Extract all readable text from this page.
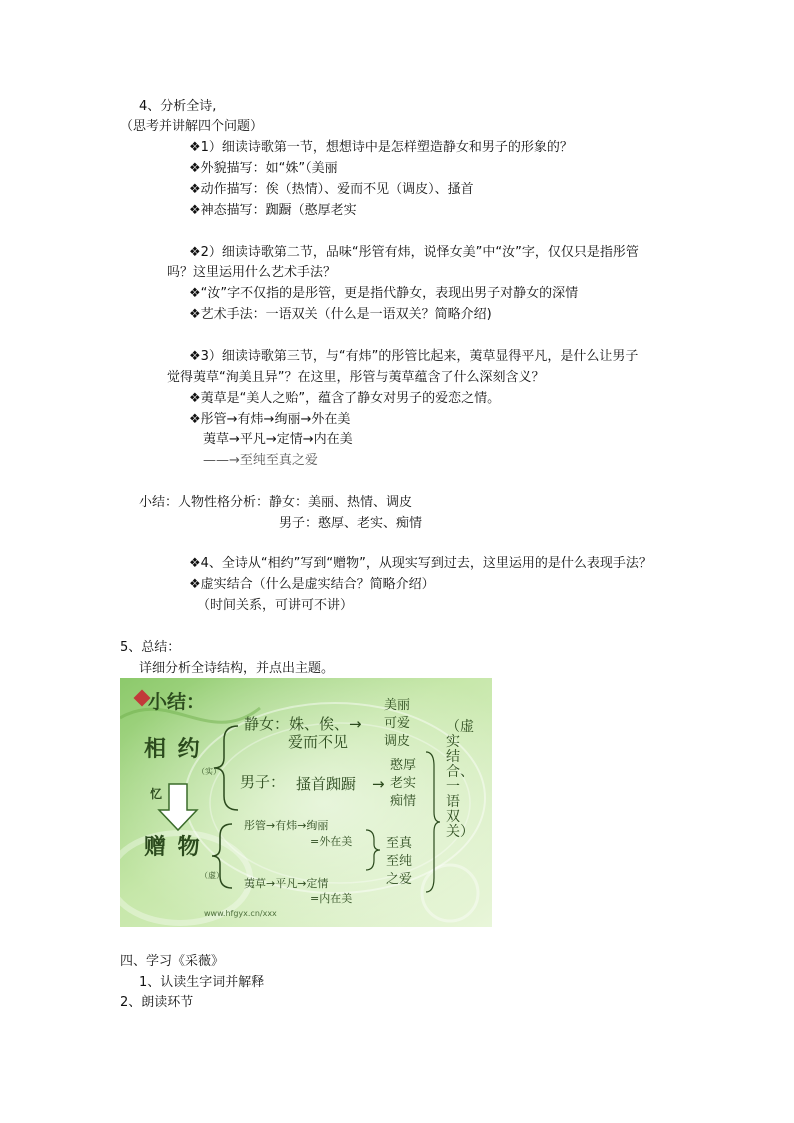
4、分析全诗,
（思考并讲解四个问题）
❖1）细读诗歌第一节，想想诗中是怎样塑造静女和男子的形象的？
❖外貌描写：如“姝”（美丽
❖动作描写：俟（热情）、爱而不见（调皮）、搔首
❖神态描写：踟蹰（憨厚老实
❖2）细读诗歌第二节，品味“彤管有炜，说怿女美”中“汝”字，仅仅只是指彤管
吗？这里运用什么艺术手法？
❖“汝”字不仅指的是彤管，更是指代静女，表现出男子对静女的深情
❖艺术手法：一语双关（什么是一语双关？简略介绍)
❖3）细读诗歌第三节，与“有炜”的彤管比起来，荑草显得平凡，是什么让男子
觉得荑草“洵美且异”？在这里，彤管与荑草蕴含了什么深刻含义？
❖荑草是“美人之贻”，蕴含了静女对男子的爱恋之情。
❖彤管→有炜→绚丽→外在美
荑草→平凡→定情→内在美
——→至纯至真之爱
小结：人物性格分析：静女：美丽、热情、调皮
男子：憨厚、老实、痴情
❖4、全诗从“相约”写到“赠物”，从现实写到过去，这里运用的是什么表现手法？
❖虚实结合（什么是虚实结合？简略介绍）
（时间关系，可讲可不讲）
5、总结：
详细分析全诗结构，并点出主题。
小结：
相 约
（实）
忆
赠 物
（虚）
静女：姝、俟、→
爱而不见
美丽
可爱
调皮
男子： 搔首踟蹰 →
憨厚
老实
痴情
彤管→有炜→绚丽
=外在美
荑草→平凡→定情
=内在美
至真
至纯
之爱
（虚实结合、一语双关）
www.hfgyx.cn/xxx
四、学习《采薇》
1、认读生字词并解释
2、朗读环节
